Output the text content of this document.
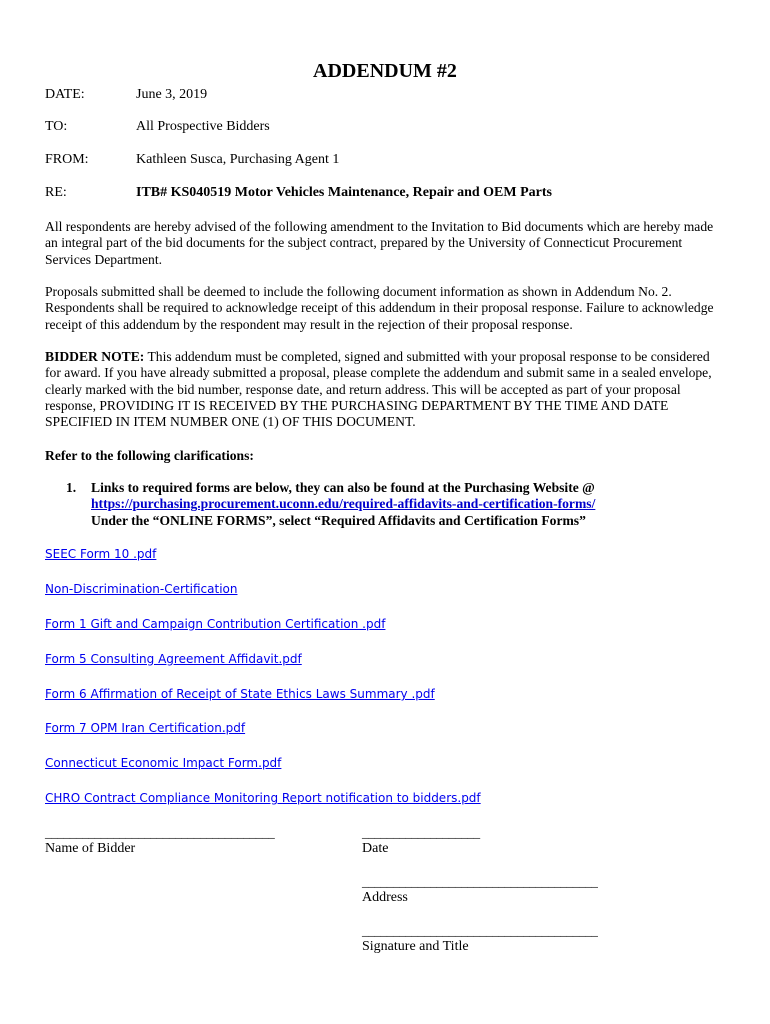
ADDENDUM #2
DATE:	June 3, 2019
TO:	All Prospective Bidders
FROM:	Kathleen Susca, Purchasing Agent 1
RE:	ITB# KS040519 Motor Vehicles Maintenance, Repair and OEM Parts

All respondents are hereby advised of the following amendment to the Invitation to Bid documents which are hereby made an integral part of the bid documents for the subject contract, prepared by the University of Connecticut Procurement Services Department.

Proposals submitted shall be deemed to include the following document information as shown in Addendum No. 2. Respondents shall be required to acknowledge receipt of this addendum in their proposal response. Failure to acknowledge receipt of this addendum by the respondent may result in the rejection of their proposal response.

BIDDER NOTE: This addendum must be completed, signed and submitted with your proposal response to be considered for award. If you have already submitted a proposal, please complete the addendum and submit same in a sealed envelope, clearly marked with the bid number, response date, and return address. This will be accepted as part of your proposal response, PROVIDING IT IS RECEIVED BY THE PURCHASING DEPARTMENT BY THE TIME AND DATE SPECIFIED IN ITEM NUMBER ONE (1) OF THIS DOCUMENT.

Refer to the following clarifications:

1. Links to required forms are below, they can also be found at the Purchasing Website @
https://purchasing.procurement.uconn.edu/required-affidavits-and-certification-forms/
Under the “ONLINE FORMS”, select “Required Affidavits and Certification Forms”
SEEC Form 10 .pdf
Non-Discrimination-Certification
Form 1 Gift and Campaign Contribution Certification .pdf
Form 5 Consulting Agreement Affidavit.pdf
Form 6 Affirmation of Receipt of State Ethics Laws Summary .pdf
Form 7 OPM Iran Certification.pdf
Connecticut Economic Impact Form.pdf
CHRO Contract Compliance Monitoring Report notification to bidders.pdf
_____________________________________
Name of Bidder
___________________
Date
______________________________________
Address
______________________________________
Signature and Title
